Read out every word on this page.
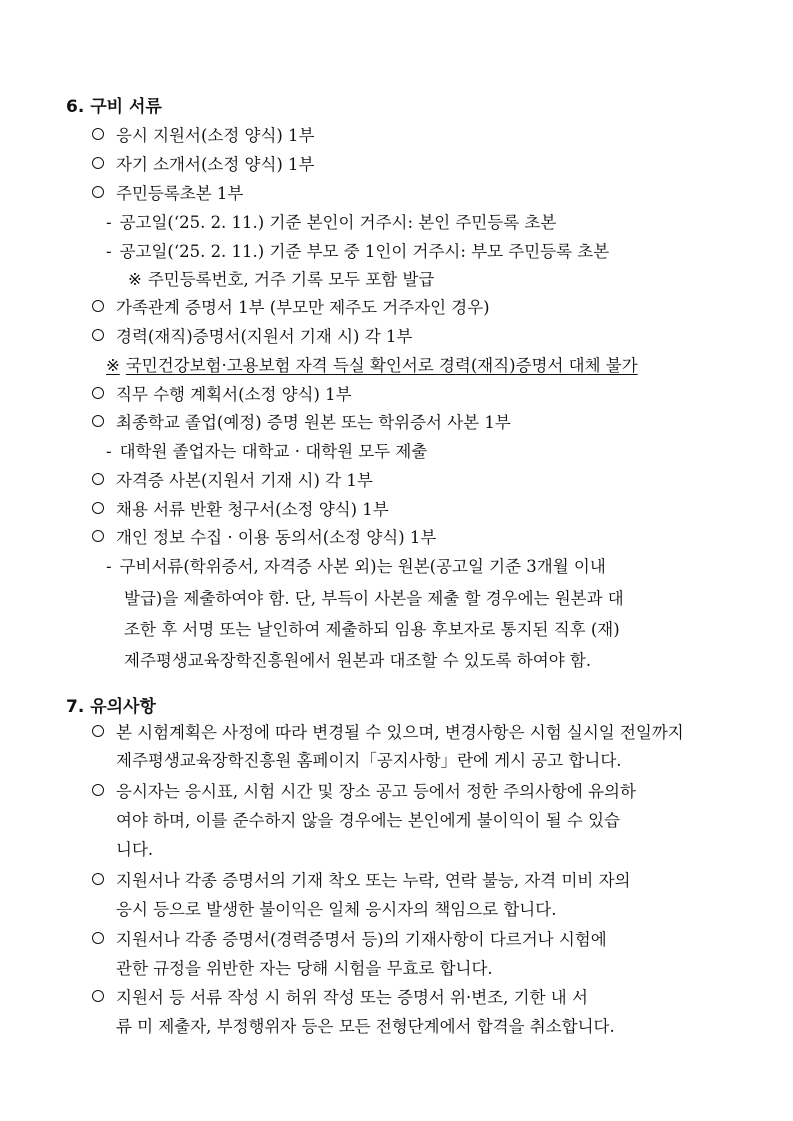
6. 구비 서류
응시 지원서(소정 양식) 1부
자기 소개서(소정 양식) 1부
주민등록초본 1부
- 공고일(‘25. 2. 11.) 기준 본인이 거주시: 본인 주민등록 초본
- 공고일(‘25. 2. 11.) 기준 부모 중 1인이 거주시: 부모 주민등록 초본
※ 주민등록번호, 거주 기록 모두 포함 발급
가족관계 증명서 1부 (부모만 제주도 거주자인 경우)
경력(재직)증명서(지원서 기재 시) 각 1부
※ 국민건강보험·고용보험 자격 득실 확인서로 경력(재직)증명서 대체 불가
직무 수행 계획서(소정 양식) 1부
최종학교 졸업(예정) 증명 원본 또는 학위증서 사본 1부
- 대학원 졸업자는 대학교 · 대학원 모두 제출
자격증 사본(지원서 기재 시) 각 1부
채용 서류 반환 청구서(소정 양식) 1부
개인 정보 수집 · 이용 동의서(소정 양식) 1부
- 구비서류(학위증서, 자격증 사본 외)는 원본(공고일 기준 3개월 이내
발급)을 제출하여야 함. 단, 부득이 사본을 제출 할 경우에는 원본과 대
조한 후 서명 또는 날인하여 제출하되 임용 후보자로 통지된 직후 (재)
제주평생교육장학진흥원에서 원본과 대조할 수 있도록 하여야 함.
7. 유의사항
본 시험계획은 사정에 따라 변경될 수 있으며, 변경사항은 시험 실시일 전일까지
제주평생교육장학진흥원 홈페이지「공지사항」란에 게시 공고 합니다.
응시자는 응시표, 시험 시간 및 장소 공고 등에서 정한 주의사항에 유의하
여야 하며, 이를 준수하지 않을 경우에는 본인에게 불이익이 될 수 있습
니다.
지원서나 각종 증명서의 기재 착오 또는 누락, 연락 불능, 자격 미비 자의
응시 등으로 발생한 불이익은 일체 응시자의 책임으로 합니다.
지원서나 각종 증명서(경력증명서 등)의 기재사항이 다르거나 시험에
관한 규정을 위반한 자는 당해 시험을 무효로 합니다.
지원서 등 서류 작성 시 허위 작성 또는 증명서 위·변조, 기한 내 서
류 미 제출자, 부정행위자 등은 모든 전형단계에서 합격을 취소합니다.
